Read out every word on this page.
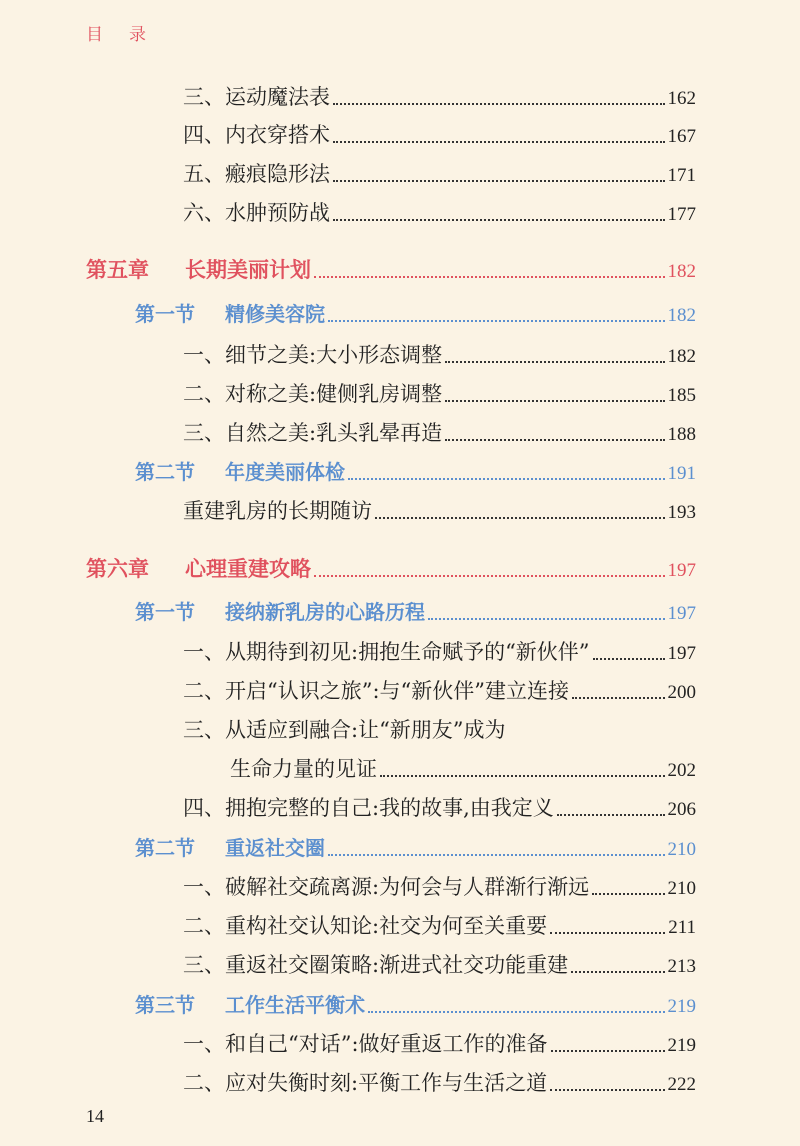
目录
三、运动魔法表	162
四、内衣穿搭术	167
五、瘢痕隐形法	171
六、水肿预防战	177
第五章 长期美丽计划	182
第一节 精修美容院	182
一、细节之美:大小形态调整	182
二、对称之美:健侧乳房调整	185
三、自然之美:乳头乳晕再造	188
第二节 年度美丽体检	191
重建乳房的长期随访	193
第六章 心理重建攻略	197
第一节 接纳新乳房的心路历程	197
一、从期待到初见:拥抱生命赋予的“新伙伴”	197
二、开启“认识之旅”:与“新伙伴”建立连接	200
三、从适应到融合:让“新朋友”成为
生命力量的见证	202
四、拥抱完整的自己:我的故事,由我定义	206
第二节 重返社交圈	210
一、破解社交疏离源:为何会与人群渐行渐远	210
二、重构社交认知论:社交为何至关重要	211
三、重返社交圈策略:渐进式社交功能重建	213
第三节 工作生活平衡术	219
一、和自己“对话”:做好重返工作的准备	219
二、应对失衡时刻:平衡工作与生活之道	222
14
